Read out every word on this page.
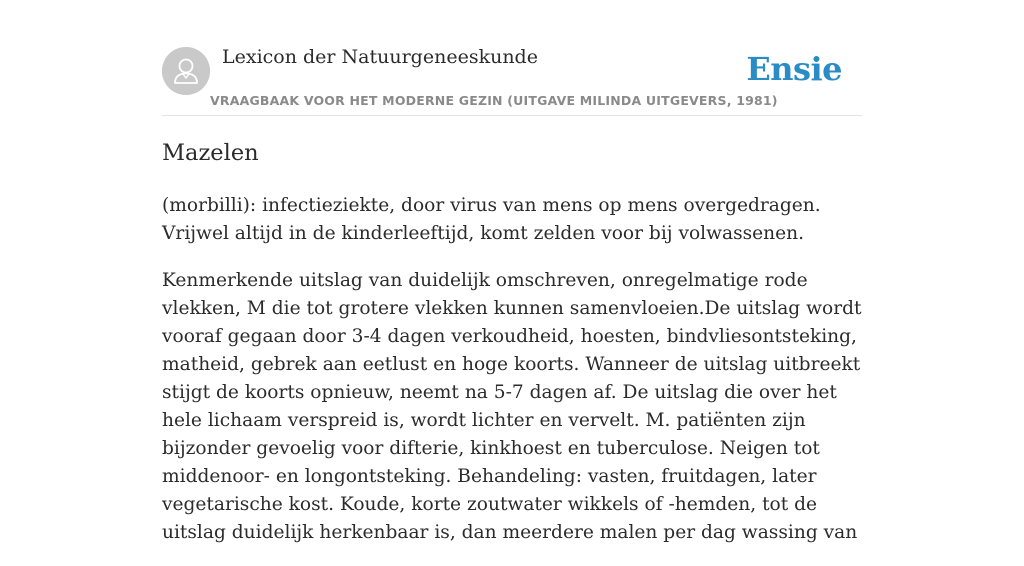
Lexicon der Natuurgeneeskunde
VRAAGBAAK VOOR HET MODERNE GEZIN (UITGAVE MILINDA UITGEVERS, 1981)
Ensie
Mazelen

(morbilli): infectieziekte, door virus van mens op mens overgedragen. Vrijwel altijd in de kinderleeftijd, komt zelden voor bij volwassenen.

Kenmerkende uitslag van duidelijk omschreven, onregelmatige rode vlekken, M die tot grotere vlekken kunnen samenvloeien.De uitslag wordt vooraf gegaan door 3-4 dagen verkoudheid, hoesten, bindvliesontsteking, matheid, gebrek aan eetlust en hoge koorts. Wanneer de uitslag uitbreekt stijgt de koorts opnieuw, neemt na 5-7 dagen af. De uitslag die over het hele lichaam verspreid is, wordt lichter en vervelt. M. patiënten zijn bijzonder gevoelig voor difterie, kinkhoest en tuberculose. Neigen tot middenoor- en longontsteking. Behandeling: vasten, fruitdagen, later vegetarische kost. Koude, korte zoutwater wikkels of -hemden, tot de uitslag duidelijk herkenbaar is, dan meerdere malen per dag wassing van
